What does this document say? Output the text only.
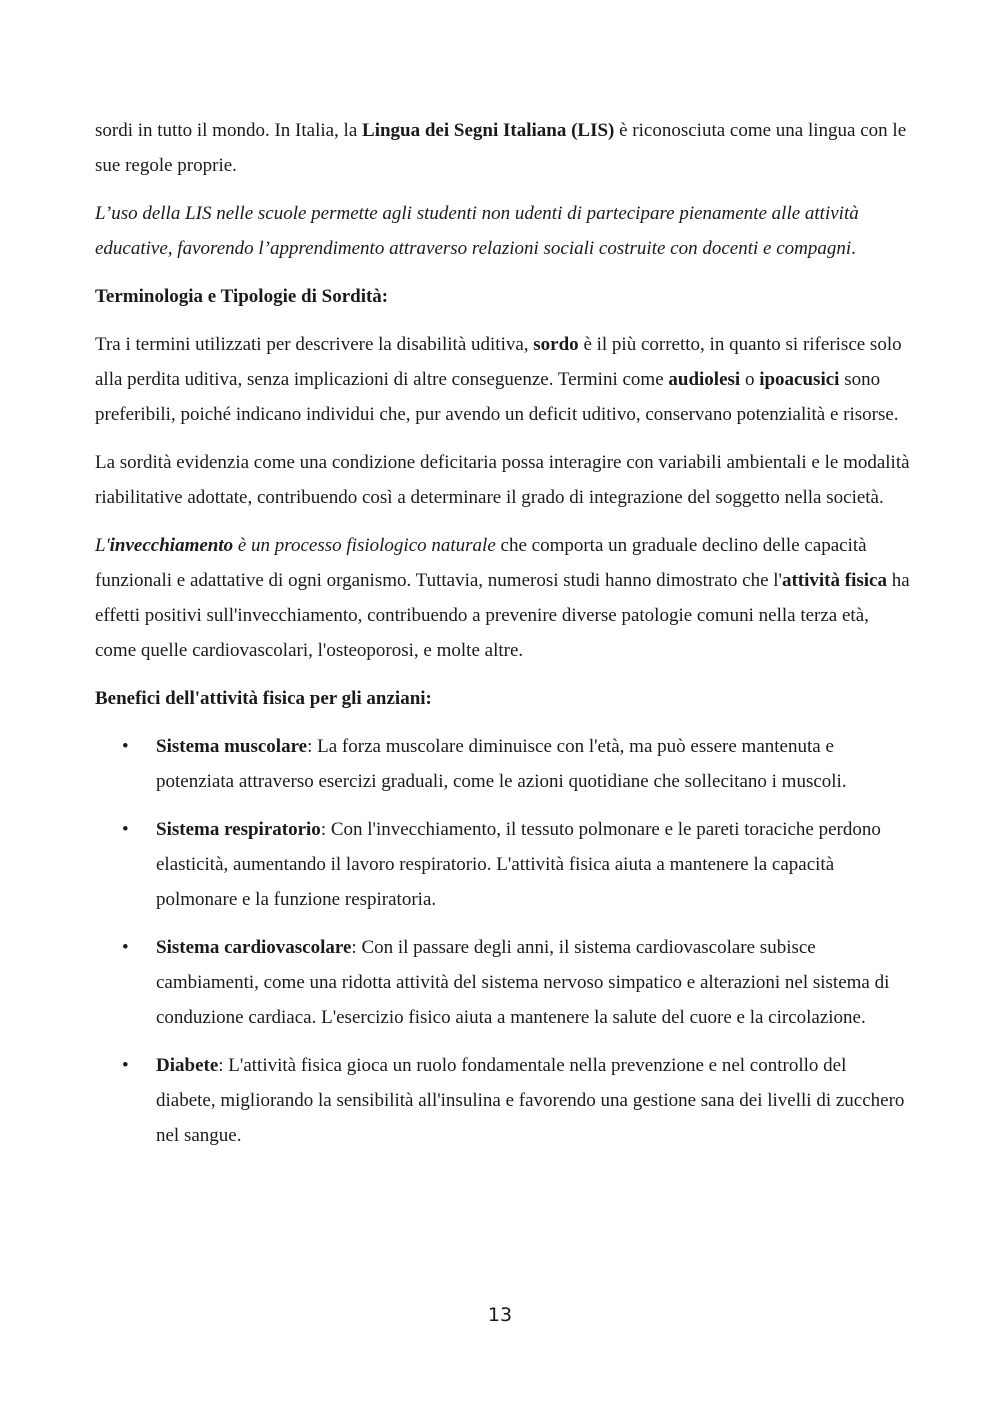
sordi in tutto il mondo. In Italia, la Lingua dei Segni Italiana (LIS) è riconosciuta come una lingua con le sue regole proprie.

L’uso della LIS nelle scuole permette agli studenti non udenti di partecipare pienamente alle attività educative, favorendo l’apprendimento attraverso relazioni sociali costruite con docenti e compagni.

Terminologia e Tipologie di Sordità:

Tra i termini utilizzati per descrivere la disabilità uditiva, sordo è il più corretto, in quanto si riferisce solo alla perdita uditiva, senza implicazioni di altre conseguenze. Termini come audiolesi o ipoacusici sono preferibili, poiché indicano individui che, pur avendo un deficit uditivo, conservano potenzialità e risorse.

La sordità evidenzia come una condizione deficitaria possa interagire con variabili ambientali e le modalità riabilitative adottate, contribuendo così a determinare il grado di integrazione del soggetto nella società.

L'invecchiamento è un processo fisiologico naturale che comporta un graduale declino delle capacità funzionali e adattative di ogni organismo. Tuttavia, numerosi studi hanno dimostrato che l'attività fisica ha effetti positivi sull'invecchiamento, contribuendo a prevenire diverse patologie comuni nella terza età, come quelle cardiovascolari, l'osteoporosi, e molte altre.

Benefici dell'attività fisica per gli anziani:

• Sistema muscolare: La forza muscolare diminuisce con l'età, ma può essere mantenuta e potenziata attraverso esercizi graduali, come le azioni quotidiane che sollecitano i muscoli.
• Sistema respiratorio: Con l'invecchiamento, il tessuto polmonare e le pareti toraciche perdono elasticità, aumentando il lavoro respiratorio. L'attività fisica aiuta a mantenere la capacità polmonare e la funzione respiratoria.
• Sistema cardiovascolare: Con il passare degli anni, il sistema cardiovascolare subisce cambiamenti, come una ridotta attività del sistema nervoso simpatico e alterazioni nel sistema di conduzione cardiaca. L'esercizio fisico aiuta a mantenere la salute del cuore e la circolazione.
• Diabete: L'attività fisica gioca un ruolo fondamentale nella prevenzione e nel controllo del diabete, migliorando la sensibilità all'insulina e favorendo una gestione sana dei livelli di zucchero nel sangue.
13
